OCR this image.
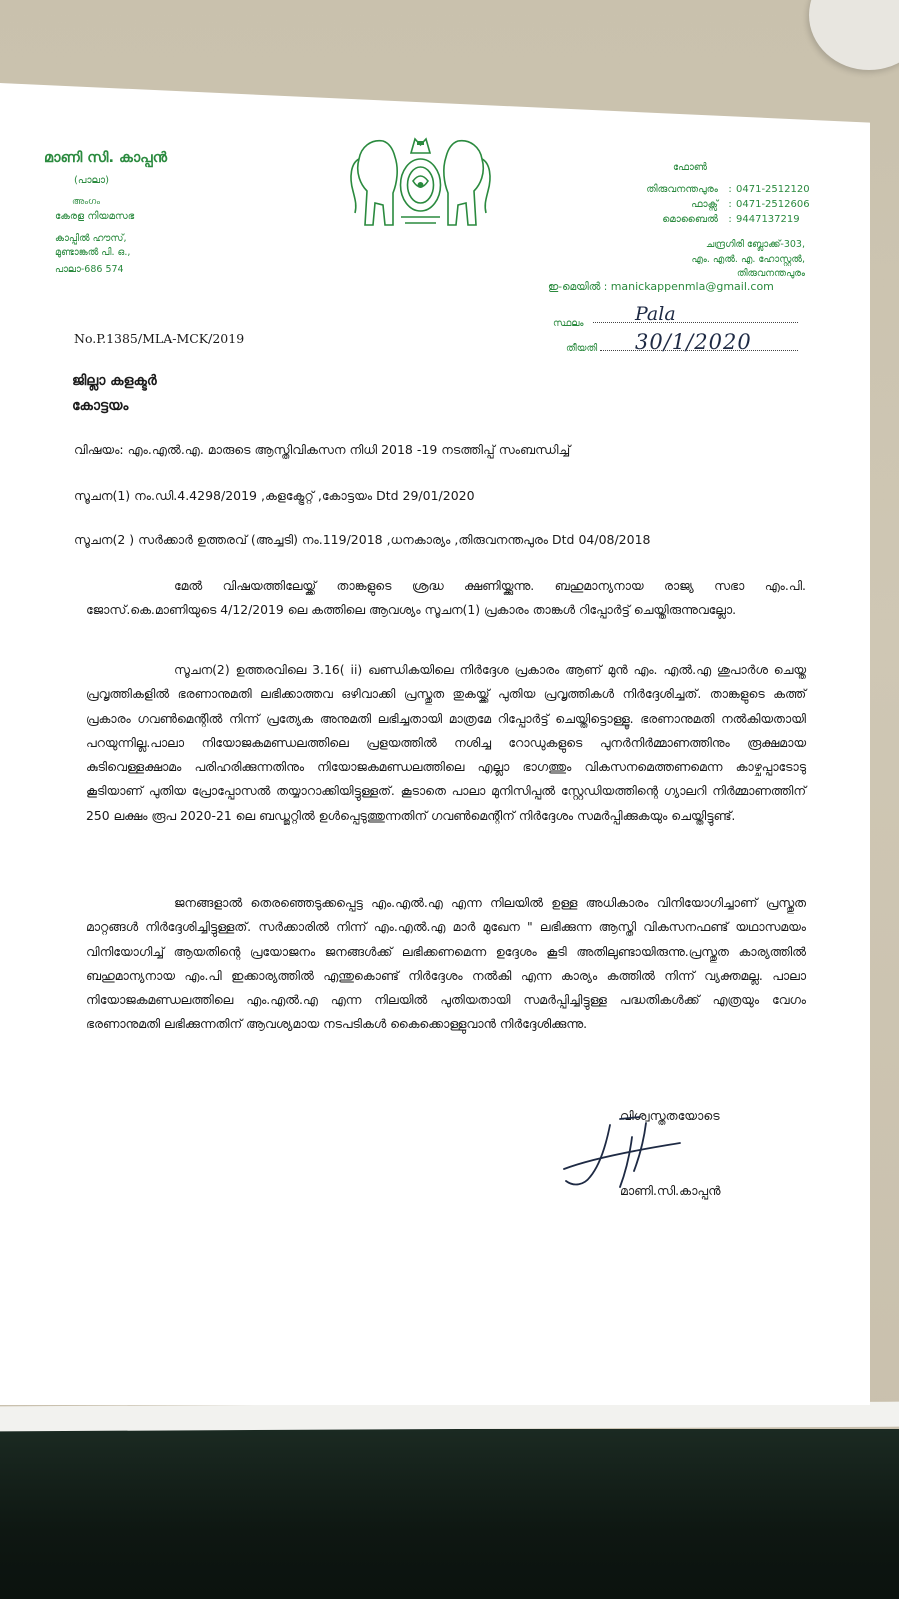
മാണി സി. കാപ്പൻ
(പാലാ)
അംഗം
കേരള നിയമസഭ
കാപ്പിൽ ഹൗസ്,
മുണ്ടാങ്കൽ പി. ഒ.,
പാലാ-686 574
ഫോൺ
തിരുവനന്തപുരം	: 0471-2512120
ഫാക്സ്	: 0471-2512606
മൊബൈൽ	: 9447137219
ചന്ദ്രഗിരി ബ്ലോക്ക്-303,
എം. എൽ. എ. ഹോസ്റ്റൽ,
തിരുവനന്തപുരം
ഇ-മെയിൽ : manickappenmla@gmail.com
No.P.1385/MLA-MCK/2019
സ്ഥലം	Pala
തീയതി 30/1/2020
ജില്ലാ കളക്ടർ
കോട്ടയം
വിഷയം: എം.എൽ.എ. മാരുടെ ആസ്തിവികസന നിധി 2018 -19 നടത്തിപ്പ് സംബന്ധിച്ച്
സൂചന(1) നം.ഡി.4.4298/2019 ,കളക്ട്രേറ്റ് ,കോട്ടയം Dtd 29/01/2020
സൂചന(2 ) സർക്കാർ ഉത്തരവ് (അച്ചടി) നം.119/2018 ,ധനകാര്യം ,തിരുവനന്തപുരം Dtd 04/08/2018
മേൽ വിഷയത്തിലേയ്ക്ക് താങ്കളുടെ ശ്രദ്ധ ക്ഷണിയ്ക്കുന്നു. ബഹുമാന്യനായ രാജ്യ സഭാ എം.പി. ജോസ്.കെ.മാണിയുടെ 4/12/2019 ലെ കത്തിലെ ആവശ്യം സൂചന(1) പ്രകാരം താങ്കൾ റിപ്പോർട്ട് ചെയ്തിരുന്നുവല്ലോ.
സൂചന(2) ഉത്തരവിലെ 3.16( ii) ഖണ്ഡികയിലെ നിർദ്ദേശ പ്രകാരം ആണ് മുൻ എം. എൽ.എ ശുപാർശ ചെയ്ത പ്രവൃത്തികളിൽ ഭരണാനുമതി ലഭിക്കാത്തവ ഒഴിവാക്കി പ്രസ്തുത തുകയ്ക്ക് പുതിയ പ്രവൃത്തികൾ നിർദ്ദേശിച്ചത്. താങ്കളുടെ കത്ത് പ്രകാരം ഗവൺമെന്റിൽ നിന്ന് പ്രത്യേക അനുമതി ലഭിച്ചതായി മാത്രമേ റിപ്പോർട്ട് ചെയ്തിട്ടൊള്ളൂ. ഭരണാനുമതി നൽകിയതായി പറയുന്നില്ല.പാലാ നിയോജകമണ്ഡലത്തിലെ പ്രളയത്തിൽ നശിച്ച റോഡുകളുടെ പുനർനിർമ്മാണത്തിനും രൂക്ഷമായ കുടിവെള്ളക്ഷാമം പരിഹരിക്കുന്നതിനും നിയോജകമണ്ഡലത്തിലെ എല്ലാ ഭാഗത്തും വികസനമെത്തണമെന്ന കാഴ്ചപ്പാടോടു കൂടിയാണ് പുതിയ പ്രോപ്പോസൽ തയ്യാറാക്കിയിട്ടുള്ളത്. കൂടാതെ പാലാ മുനിസിപ്പൽ സ്റ്റേഡിയത്തിന്റെ ഗ്യാലറി നിർമ്മാണത്തിന് 250 ലക്ഷം രൂപ 2020-21 ലെ ബഡ്ജറ്റിൽ ഉൾപ്പെടുത്തുന്നതിന് ഗവൺമെന്റിന് നിർദ്ദേശം സമർപ്പിക്കുകയും ചെയ്തിട്ടുണ്ട്.
ജനങ്ങളാൽ തെരഞ്ഞെടുക്കപ്പെട്ട എം.എൽ.എ എന്ന നിലയിൽ ഉള്ള അധികാരം വിനിയോഗിച്ചാണ് പ്രസ്തുത മാറ്റങ്ങൾ നിർദ്ദേശിച്ചിട്ടുള്ളത്. സർക്കാരിൽ നിന്ന് എം.എൽ.എ മാർ മുഖേന " ലഭിക്കുന്ന ആസ്തി വികസനഫണ്ട് യഥാസമയം വിനിയോഗിച്ച് ആയതിന്റെ പ്രയോജനം ജനങ്ങൾക്ക് ലഭിക്കണമെന്ന ഉദ്ദേശം കൂടി അതിലുണ്ടായിരുന്നു.പ്രസ്തുത കാര്യത്തിൽ ബഹുമാന്യനായ എം.പി ഇക്കാര്യത്തിൽ എന്തുകൊണ്ട് നിർദ്ദേശം നൽകി എന്ന കാര്യം കത്തിൽ നിന്ന് വ്യക്തമല്ല. പാലാ നിയോജകമണ്ഡലത്തിലെ എം.എൽ.എ എന്ന നിലയിൽ പുതിയതായി സമർപ്പിച്ചിട്ടുള്ള പദ്ധതികൾക്ക് എത്രയും വേഗം ഭരണാനുമതി ലഭിക്കുന്നതിന് ആവശ്യമായ നടപടികൾ കൈക്കൊള്ളുവാൻ നിർദ്ദേശിക്കുന്നു.
വിശ്വസ്തതയോടെ
മാണി.സി.കാപ്പൻ
